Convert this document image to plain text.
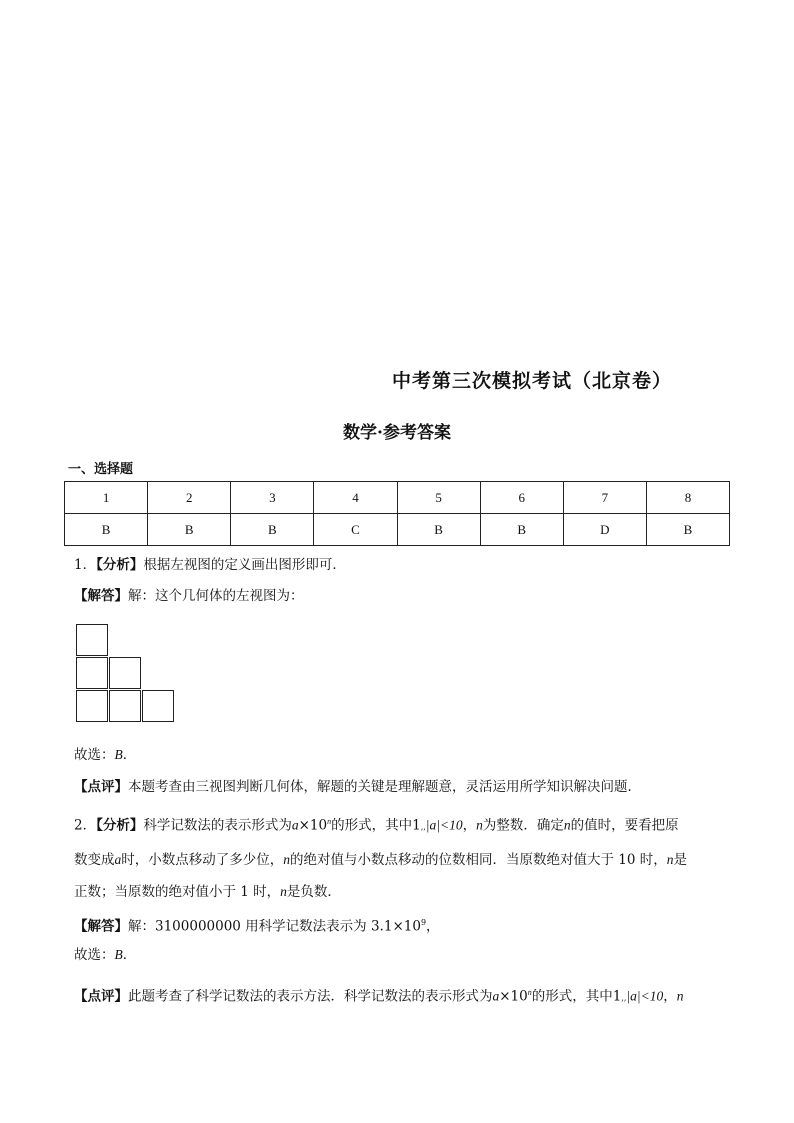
中考第三次模拟考试（北京卷）
数学·参考答案
一、选择题
1	2	3	4	5	6	7	8
B	B	B	C	B	B	D	B
1．【分析】根据左视图的定义画出图形即可．
【解答】解：这个几何体的左视图为：
故选：B．
【点评】本题考查由三视图判断几何体，解题的关键是理解题意，灵活运用所学知识解决问题．
2．【分析】科学记数法的表示形式为$a\times 10^n$的形式，其中1,,|a|<10，n为整数．确定n的值时，要看把原
数变成a时，小数点移动了多少位，n的绝对值与小数点移动的位数相同．当原数绝对值大于 10 时，n是
正数；当原数的绝对值小于 1 时，n是负数．
【解答】解：3100000000 用科学记数法表示为 $3.1\times 10^9$，
故选：B．
【点评】此题考查了科学记数法的表示方法．科学记数法的表示形式为$a\times 10^n$的形式，其中1,,|a|<10，n
